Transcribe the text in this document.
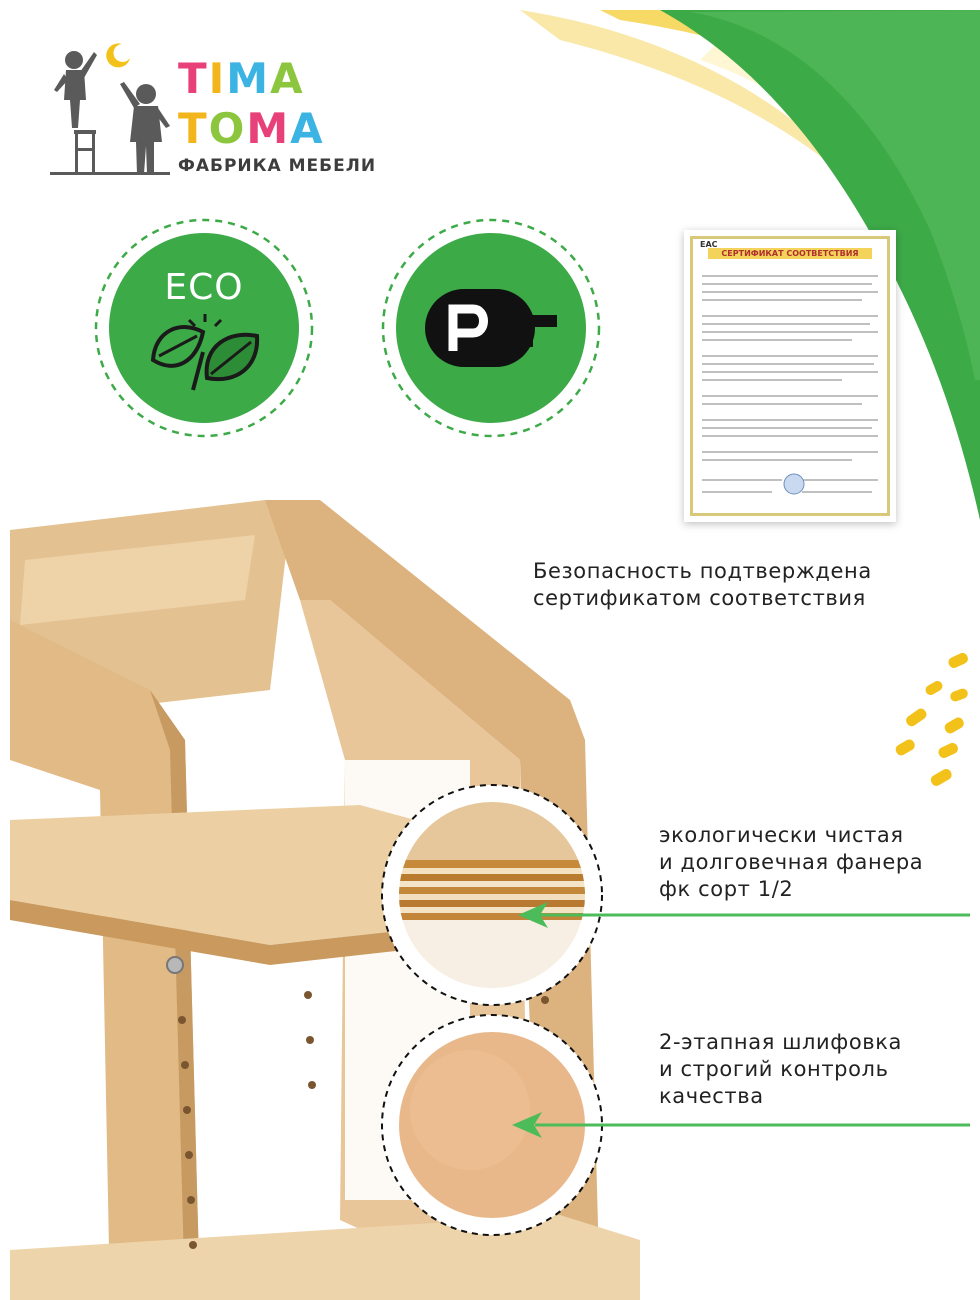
TIMA
TOMA
ФАБРИКА МЕБЕЛИ
ECO
СЕРТИФИКАТ СООТВЕТСТВИЯ
EAC
Безопасность подтверждена
сертификатом соответствия
экологически чистая
и долговечная фанера
фк сорт 1/2
2-этапная шлифовка
и строгий контроль
качества
